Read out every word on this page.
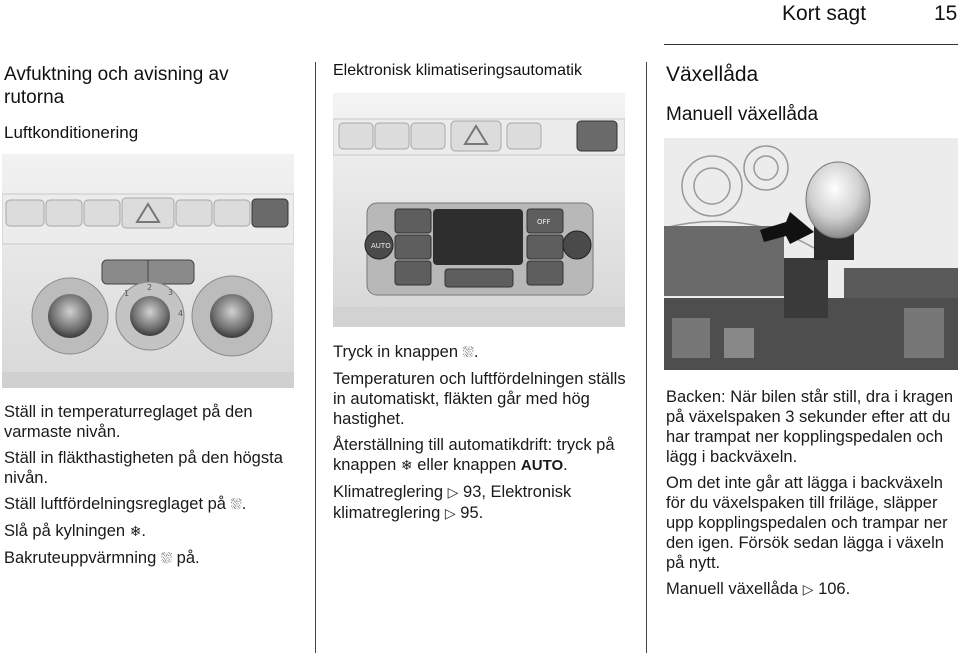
Kort sagt	15
Avfuktning och avisning av rutorna
Luftkonditionering
1
2
3
4

Ställ in temperaturreglaget på den varmaste nivån.

Ställ in fläkthastigheten på den högsta nivån.

Ställ luftfördelningsreglaget på ⛆.

Slå på kylningen ❄.

Bakruteuppvärmning ⛆ på.

Elektronisk klimatiseringsautomatik
AUTO
OFF

Tryck in knappen ⛆.

Temperaturen och luftfördelningen ställs in automatiskt, fläkten går med hög hastighet.

Återställning till automatikdrift: tryck på knappen ❄ eller knappen AUTO.

Klimatreglering ▷ 93, Elektronisk klimatreglering ▷ 95.

Växellåda
Manuell växellåda

Backen: När bilen står still, dra i kragen på växelspaken 3 sekunder efter att du har trampat ner kopplingspedalen och lägg i backväxeln.

Om det inte går att lägga i backväxeln för du växelspaken till friläge, släpper upp kopplingspedalen och trampar ner den igen. Försök sedan lägga i växeln på nytt.

Manuell växellåda ▷ 106.
